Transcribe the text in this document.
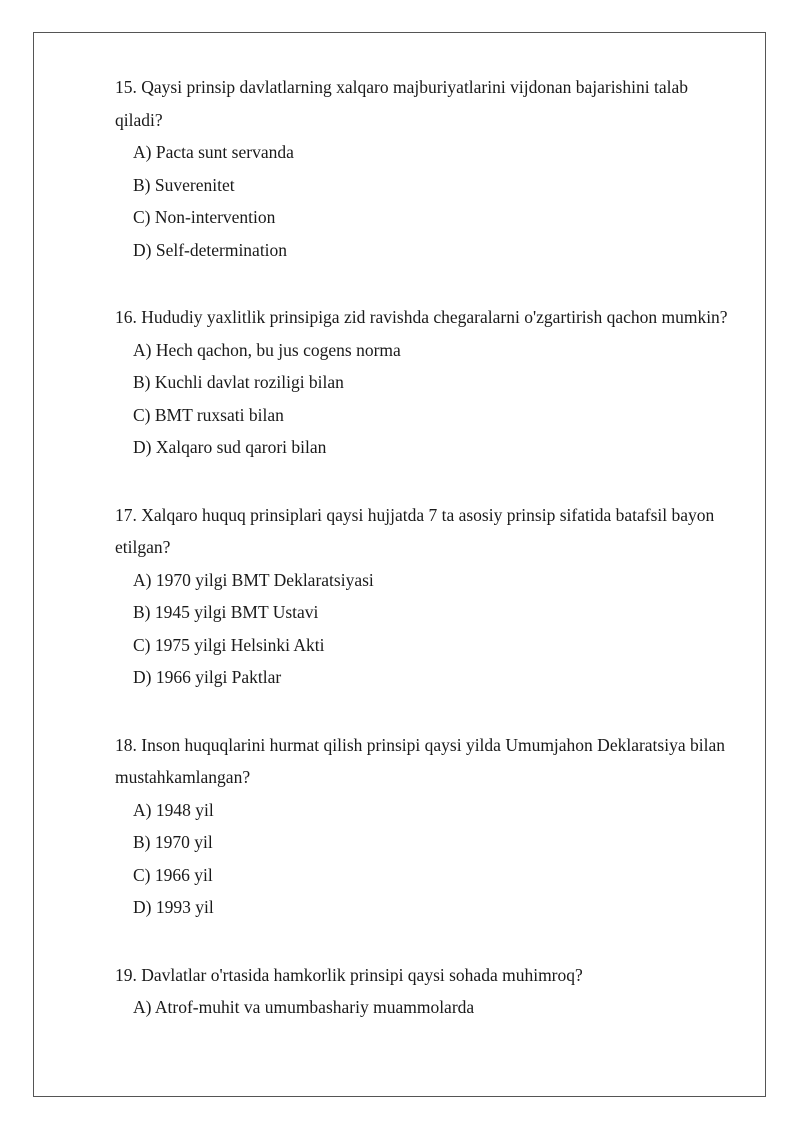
15. Qaysi prinsip davlatlarning xalqaro majburiyatlarini vijdonan bajarishini talab qiladi?

A) Pacta sunt servanda
B) Suverenitet
C) Non-intervention
D) Self-determination

16. Hududiy yaxlitlik prinsipiga zid ravishda chegaralarni o'zgartirish qachon mumkin?

A) Hech qachon, bu jus cogens norma
B) Kuchli davlat roziligi bilan
C) BMT ruxsati bilan
D) Xalqaro sud qarori bilan

17. Xalqaro huquq prinsiplari qaysi hujjatda 7 ta asosiy prinsip sifatida batafsil bayon etilgan?

A) 1970 yilgi BMT Deklaratsiyasi
B) 1945 yilgi BMT Ustavi
C) 1975 yilgi Helsinki Akti
D) 1966 yilgi Paktlar

18. Inson huquqlarini hurmat qilish prinsipi qaysi yilda Umumjahon Deklaratsiya bilan mustahkamlangan?

A) 1948 yil
B) 1970 yil
C) 1966 yil
D) 1993 yil

19. Davlatlar o'rtasida hamkorlik prinsipi qaysi sohada muhimroq?

A) Atrof-muhit va umumbashariy muammolarda
